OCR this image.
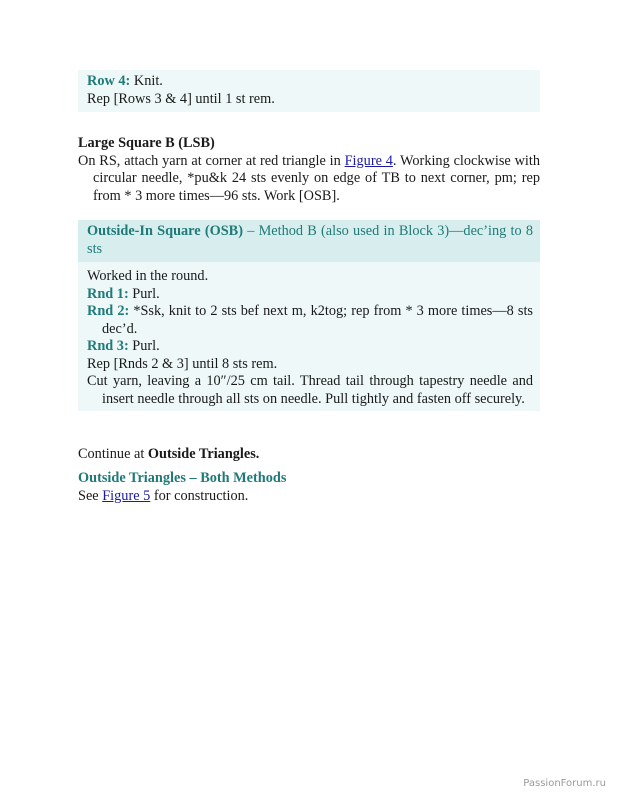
Row 4: Knit.

Rep [Rows 3 & 4] until 1 st rem.

Large Square B (LSB)

On RS, attach yarn at corner at red triangle in Figure 4. Working clockwise with circular needle, *pu&k 24 sts evenly on edge of TB to next corner, pm; rep from * 3 more times—96 sts. Work [OSB].

Outside-In Square (OSB) – Method B (also used in Block 3)—dec’ing to 8 sts

Worked in the round.

Rnd 1: Purl.

Rnd 2: *Ssk, knit to 2 sts bef next m, k2tog; rep from * 3 more times—8 sts dec’d.

Rnd 3: Purl.

Rep [Rnds 2 & 3] until 8 sts rem.

Cut yarn, leaving a 10″/25 cm tail. Thread tail through tapestry needle and insert needle through all sts on needle. Pull tightly and fasten off securely.

Continue at Outside Triangles.

Outside Triangles – Both Methods

See Figure 5 for construction.

PassionForum.ru
